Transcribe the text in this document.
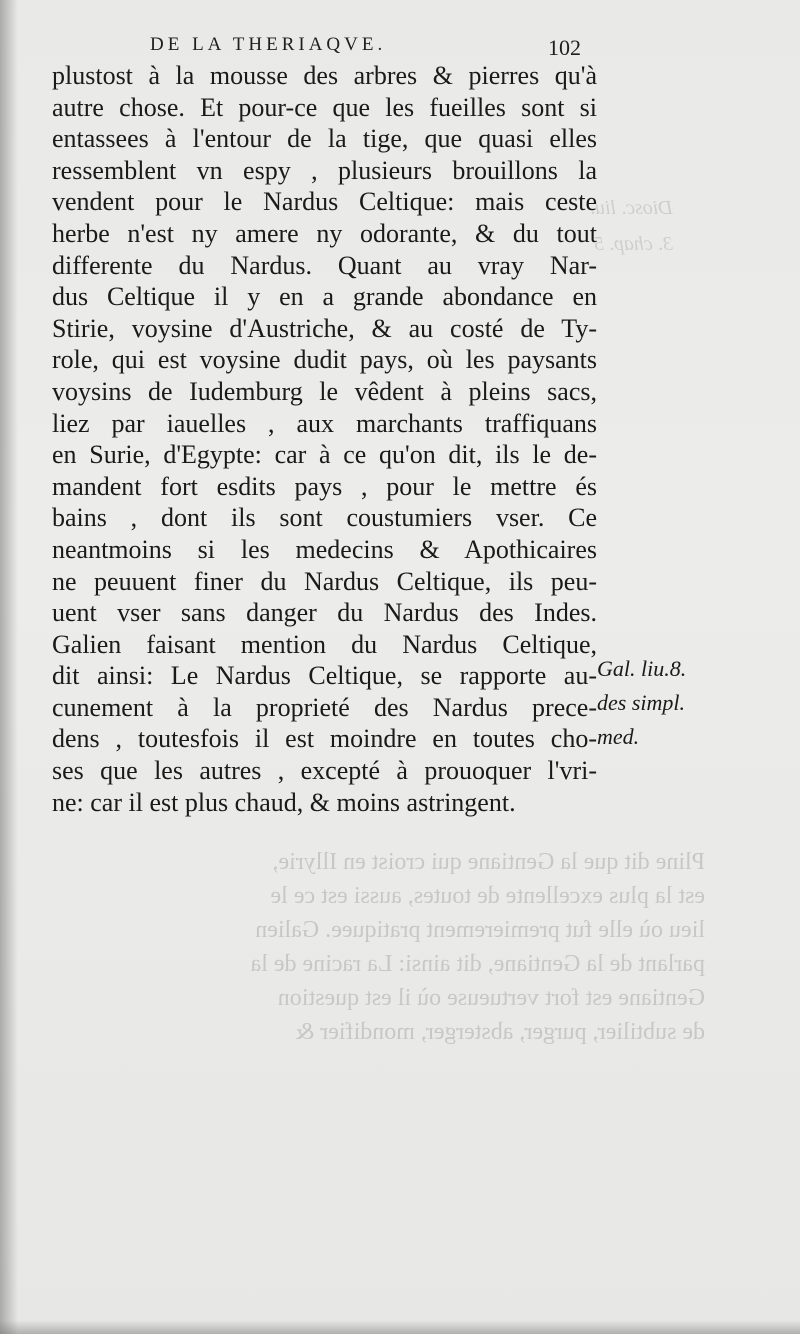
Diosc. liu.
3. chap. 5
Pline dit que la Gentiane qui croist en Illyrie,
est la plus excellente de toutes, aussi est ce le
lieu où elle fut premierement pratiquee. Galien
parlant de la Gentiane, dit ainsi: La racine de la
Gentiane est fort vertueuse où il est question
de subtilier, purger, absterger, mondifier &
DE LA THERIAQVE.	102
plustost à la mousse des arbres & pierres qu'à
autre chose. Et pour-ce que les fueilles sont si
entassees à l'entour de la tige, que quasi elles
ressemblent vn espy , plusieurs brouillons la
vendent pour le Nardus Celtique: mais ceste
herbe n'est ny amere ny odorante, & du tout
differente du Nardus. Quant au vray Nar-
dus Celtique il y en a grande abondance en
Stirie, voysine d'Austriche, & au costé de Ty-
role, qui est voysine dudit pays, où les paysants
voysins de Iudemburg le vêdent à pleins sacs,
liez par iauelles , aux marchants traffiquans
en Surie, d'Egypte: car à ce qu'on dit, ils le de-
mandent fort esdits pays , pour le mettre és
bains , dont ils sont coustumiers vser. Ce
neantmoins si les medecins & Apothicaires
ne peuuent finer du Nardus Celtique, ils peu-
uent vser sans danger du Nardus des Indes.
Galien faisant mention du Nardus Celtique,
dit ainsi: Le Nardus Celtique, se rapporte au-
cunement à la proprieté des Nardus prece-
dens , toutesfois il est moindre en toutes cho-
ses que les autres , excepté à prouoquer l'vri-
ne: car il est plus chaud, & moins astringent.
Gal. liu.8.
des simpl.
med.
